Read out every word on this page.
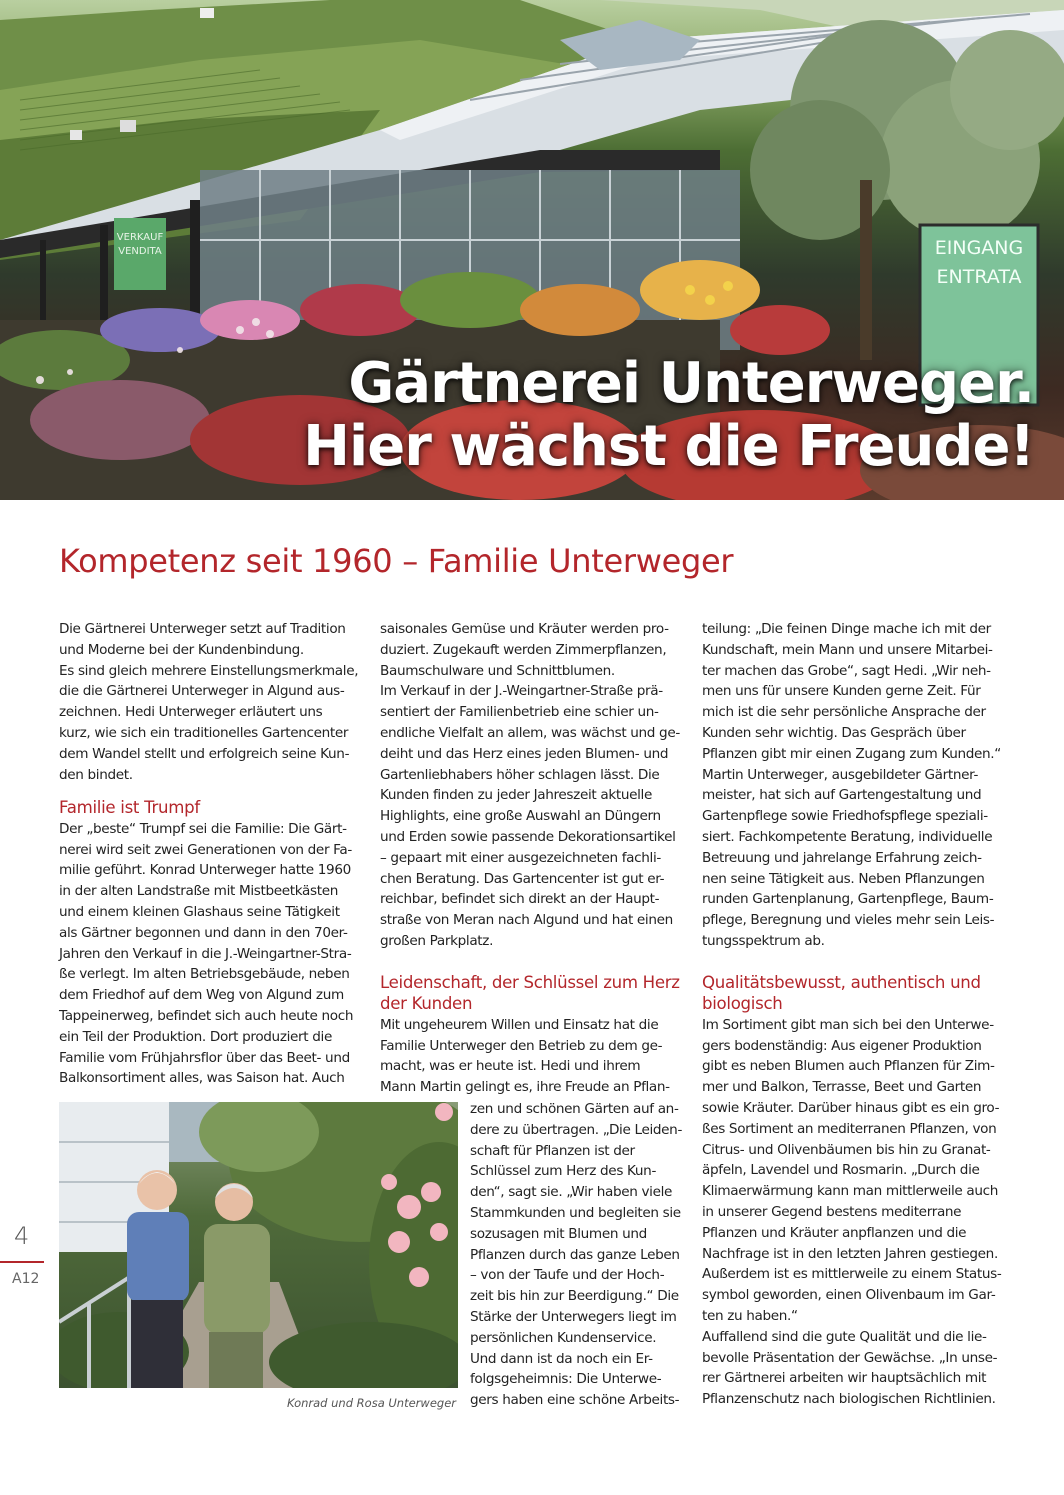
VERKAUF
VENDITA	EINGANG
ENTRATA
Gärtnerei Unterweger.
Hier wächst die Freude!
Kompetenz seit 1960 – Familie Unterweger

Die Gärtnerei Unterweger setzt auf Tradition

und Moderne bei der Kundenbindung.

Es sind gleich mehrere Einstellungsmerkmale,

die die Gärtnerei Unterweger in Algund aus-

zeichnen. Hedi Unterweger erläutert uns

kurz, wie sich ein traditionelles Gartencenter

dem Wandel stellt und erfolgreich seine Kun-

den bindet.

Familie ist Trumpf

Der „beste“ Trumpf sei die Familie: Die Gärt-

nerei wird seit zwei Generationen von der Fa-

milie geführt. Konrad Unterweger hatte 1960

in der alten Landstraße mit Mistbeetkästen

und einem kleinen Glashaus seine Tätigkeit

als Gärtner begonnen und dann in den 70er-

Jahren den Verkauf in die J.-Weingartner-Stra-

ße verlegt. Im alten Betriebsgebäude, neben

dem Friedhof auf dem Weg von Algund zum

Tappeinerweg, befindet sich auch heute noch

ein Teil der Produktion. Dort produziert die

Familie vom Frühjahrsflor über das Beet- und

Balkonsortiment alles, was Saison hat. Auch

saisonales Gemüse und Kräuter werden pro-

duziert. Zugekauft werden Zimmerpflanzen,

Baumschulware und Schnittblumen.

Im Verkauf in der J.-Weingartner-Straße prä-

sentiert der Familienbetrieb eine schier un-

endliche Vielfalt an allem, was wächst und ge-

deiht und das Herz eines jeden Blumen- und

Gartenliebhabers höher schlagen lässt. Die

Kunden finden zu jeder Jahreszeit aktuelle

Highlights, eine große Auswahl an Düngern

und Erden sowie passende Dekorationsartikel

– gepaart mit einer ausgezeichneten fachli-

chen Beratung. Das Gartencenter ist gut er-

reichbar, befindet sich direkt an der Haupt-

straße von Meran nach Algund und hat einen

großen Parkplatz.

Leidenschaft, der Schlüssel zum Herz
der Kunden

Mit ungeheurem Willen und Einsatz hat die

Familie Unterweger den Betrieb zu dem ge-

macht, was er heute ist. Hedi und ihrem

Mann Martin gelingt es, ihre Freude an Pflan-

zen und schönen Gärten auf an-

dere zu übertragen. „Die Leiden-

schaft für Pflanzen ist der

Schlüssel zum Herz des Kun-

den“, sagt sie. „Wir haben viele

Stammkunden und begleiten sie

sozusagen mit Blumen und

Pflanzen durch das ganze Leben

– von der Taufe und der Hoch-

zeit bis hin zur Beerdigung.“ Die

Stärke der Unterwegers liegt im

persönlichen Kundenservice.

Und dann ist da noch ein Er-

folgsgeheimnis: Die Unterwe-

gers haben eine schöne Arbeits-

teilung: „Die feinen Dinge mache ich mit der

Kundschaft, mein Mann und unsere Mitarbei-

ter machen das Grobe“, sagt Hedi. „Wir neh-

men uns für unsere Kunden gerne Zeit. Für

mich ist die sehr persönliche Ansprache der

Kunden sehr wichtig. Das Gespräch über

Pflanzen gibt mir einen Zugang zum Kunden.“

Martin Unterweger, ausgebildeter Gärtner-

meister, hat sich auf Gartengestaltung und

Gartenpflege sowie Friedhofspflege speziali-

siert. Fachkompetente Beratung, individuelle

Betreuung und jahrelange Erfahrung zeich-

nen seine Tätigkeit aus. Neben Pflanzungen

runden Gartenplanung, Gartenpflege, Baum-

pflege, Beregnung und vieles mehr sein Leis-

tungsspektrum ab.

Qualitätsbewusst, authentisch und
biologisch

Im Sortiment gibt man sich bei den Unterwe-

gers bodenständig: Aus eigener Produktion

gibt es neben Blumen auch Pflanzen für Zim-

mer und Balkon, Terrasse, Beet und Garten

sowie Kräuter. Darüber hinaus gibt es ein gro-

ßes Sortiment an mediterranen Pflanzen, von

Citrus- und Olivenbäumen bis hin zu Granat-

äpfeln, Lavendel und Rosmarin. „Durch die

Klimaerwärmung kann man mittlerweile auch

in unserer Gegend bestens mediterrane

Pflanzen und Kräuter anpflanzen und die

Nachfrage ist in den letzten Jahren gestiegen.

Außerdem ist es mittlerweile zu einem Status-

symbol geworden, einen Olivenbaum im Gar-

ten zu haben.“

Auffallend sind die gute Qualität und die lie-

bevolle Präsentation der Gewächse. „In unse-

rer Gärtnerei arbeiten wir hauptsächlich mit

Pflanzenschutz nach biologischen Richtlinien.

Konrad und Rosa Unterweger
4
A12
